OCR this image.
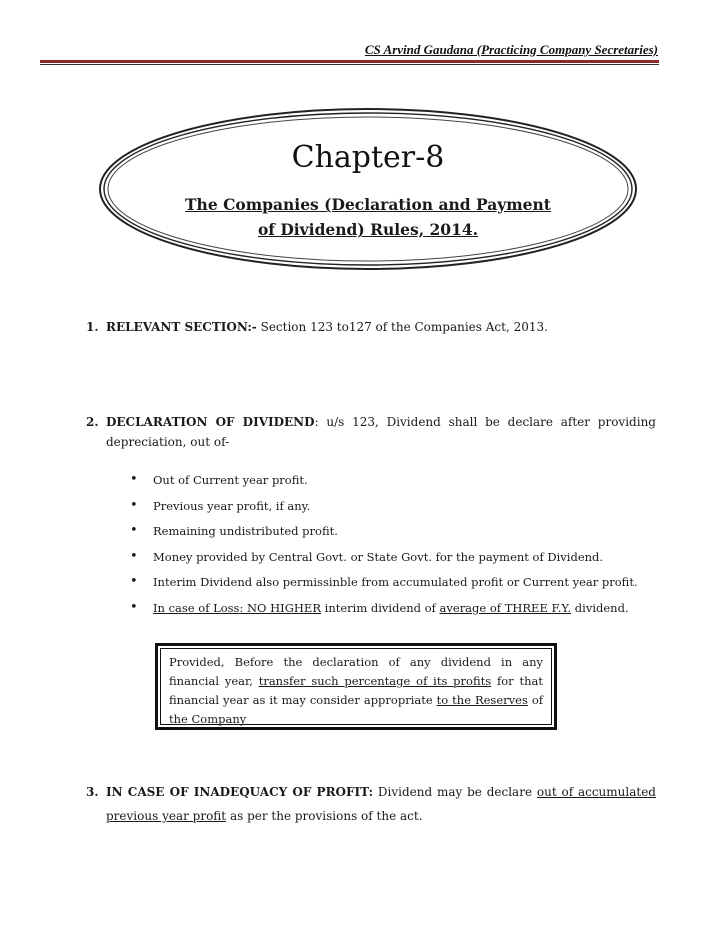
CS Arvind Gaudana (Practicing Company Secretaries)
Chapter-8
The Companies (Declaration and Payment
of Dividend) Rules, 2014.
1. RELEVANT SECTION:- Section 123 to127 of the Companies Act, 2013.
2. DECLARATION OF DIVIDEND: u/s 123, Dividend shall be declare after providing depreciation, out of-
• Out of Current year profit.
• Previous year profit, if any.
• Remaining undistributed profit.
• Money provided by Central Govt. or State Govt. for the payment of Dividend.
• Interim Dividend also permissinble from accumulated profit or Current year profit.
• In case of Loss: NO HIGHER interim dividend of average of THREE F.Y. dividend.

Provided, Before the declaration of any dividend in any financial year, transfer such percentage of its profits for that financial year as it may consider appropriate to the Reserves of the Company

3. IN CASE OF INADEQUACY OF PROFIT: Dividend may be declare out of accumulated previous year profit as per the provisions of the act.
